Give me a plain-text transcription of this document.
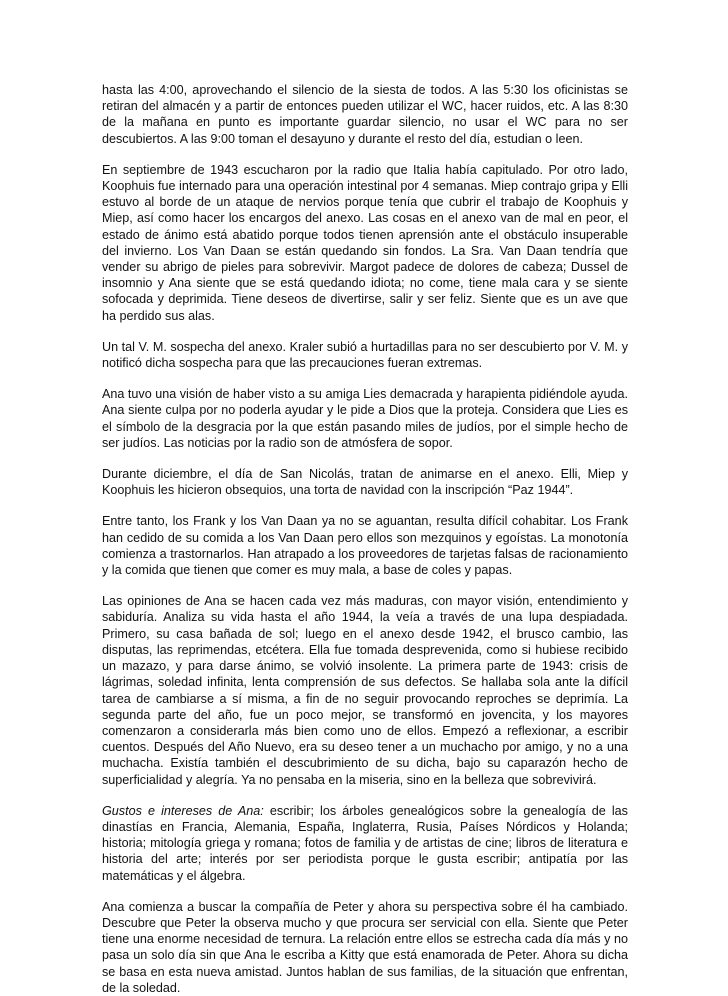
hasta las 4:00, aprovechando el silencio de la siesta de todos. A las 5:30 los oficinistas se retiran del almacén y a partir de entonces pueden utilizar el WC, hacer ruidos, etc. A las 8:30 de la mañana en punto es importante guardar silencio, no usar el WC para no ser descubiertos. A las 9:00 toman el desayuno y durante el resto del día, estudian o leen.

En septiembre de 1943 escucharon por la radio que Italia había capitulado. Por otro lado, Koophuis fue internado para una operación intestinal por 4 semanas. Miep contrajo gripa y Elli estuvo al borde de un ataque de nervios porque tenía que cubrir el trabajo de Koophuis y Miep, así como hacer los encargos del anexo. Las cosas en el anexo van de mal en peor, el estado de ánimo está abatido porque todos tienen aprensión ante el obstáculo insuperable del invierno. Los Van Daan se están quedando sin fondos. La Sra. Van Daan tendría que vender su abrigo de pieles para sobrevivir. Margot padece de dolores de cabeza; Dussel de insomnio y Ana siente que se está quedando idiota; no come, tiene mala cara y se siente sofocada y deprimida. Tiene deseos de divertirse, salir y ser feliz. Siente que es un ave que ha perdido sus alas.

Un tal V. M. sospecha del anexo. Kraler subió a hurtadillas para no ser descubierto por V. M. y notificó dicha sospecha para que las precauciones fueran extremas.

Ana tuvo una visión de haber visto a su amiga Lies demacrada y harapienta pidiéndole ayuda. Ana siente culpa por no poderla ayudar y le pide a Dios que la proteja. Considera que Lies es el símbolo de la desgracia por la que están pasando miles de judíos, por el simple hecho de ser judíos. Las noticias por la radio son de atmósfera de sopor.

Durante diciembre, el día de San Nicolás, tratan de animarse en el anexo. Elli, Miep y Koophuis les hicieron obsequios, una torta de navidad con la inscripción “Paz 1944”.

Entre tanto, los Frank y los Van Daan ya no se aguantan, resulta difícil cohabitar. Los Frank han cedido de su comida a los Van Daan pero ellos son mezquinos y egoístas. La monotonía comienza a trastornarlos. Han atrapado a los proveedores de tarjetas falsas de racionamiento y la comida que tienen que comer es muy mala, a base de coles y papas.

Las opiniones de Ana se hacen cada vez más maduras, con mayor visión, entendimiento y sabiduría. Analiza su vida hasta el año 1944, la veía a través de una lupa despiadada. Primero, su casa bañada de sol; luego en el anexo desde 1942, el brusco cambio, las disputas, las reprimendas, etcétera. Ella fue tomada desprevenida, como si hubiese recibido un mazazo, y para darse ánimo, se volvió insolente. La primera parte de 1943: crisis de lágrimas, soledad infinita, lenta comprensión de sus defectos. Se hallaba sola ante la difícil tarea de cambiarse a sí misma, a fin de no seguir provocando reproches se deprimía. La segunda parte del año, fue un poco mejor, se transformó en jovencita, y los mayores comenzaron a considerarla más bien como uno de ellos. Empezó a reflexionar, a escribir cuentos. Después del Año Nuevo, era su deseo tener a un muchacho por amigo, y no a una muchacha. Existía también el descubrimiento de su dicha, bajo su caparazón hecho de superficialidad y alegría. Ya no pensaba en la miseria, sino en la belleza que sobrevivirá.

Gustos e intereses de Ana: escribir; los árboles genealógicos sobre la genealogía de las dinastías en Francia, Alemania, España, Inglaterra, Rusia, Países Nórdicos y Holanda; historia; mitología griega y romana; fotos de familia y de artistas de cine; libros de literatura e historia del arte; interés por ser periodista porque le gusta escribir; antipatía por las matemáticas y el álgebra.

Ana comienza a buscar la compañía de Peter y ahora su perspectiva sobre él ha cambiado. Descubre que Peter la observa mucho y que procura ser servicial con ella. Siente que Peter tiene una enorme necesidad de ternura. La relación entre ellos se estrecha cada día más y no pasa un solo día sin que Ana le escriba a Kitty que está enamorada de Peter. Ahora su dicha se basa en esta nueva amistad. Juntos hablan de sus familias, de la situación que enfrentan, de la soledad.
